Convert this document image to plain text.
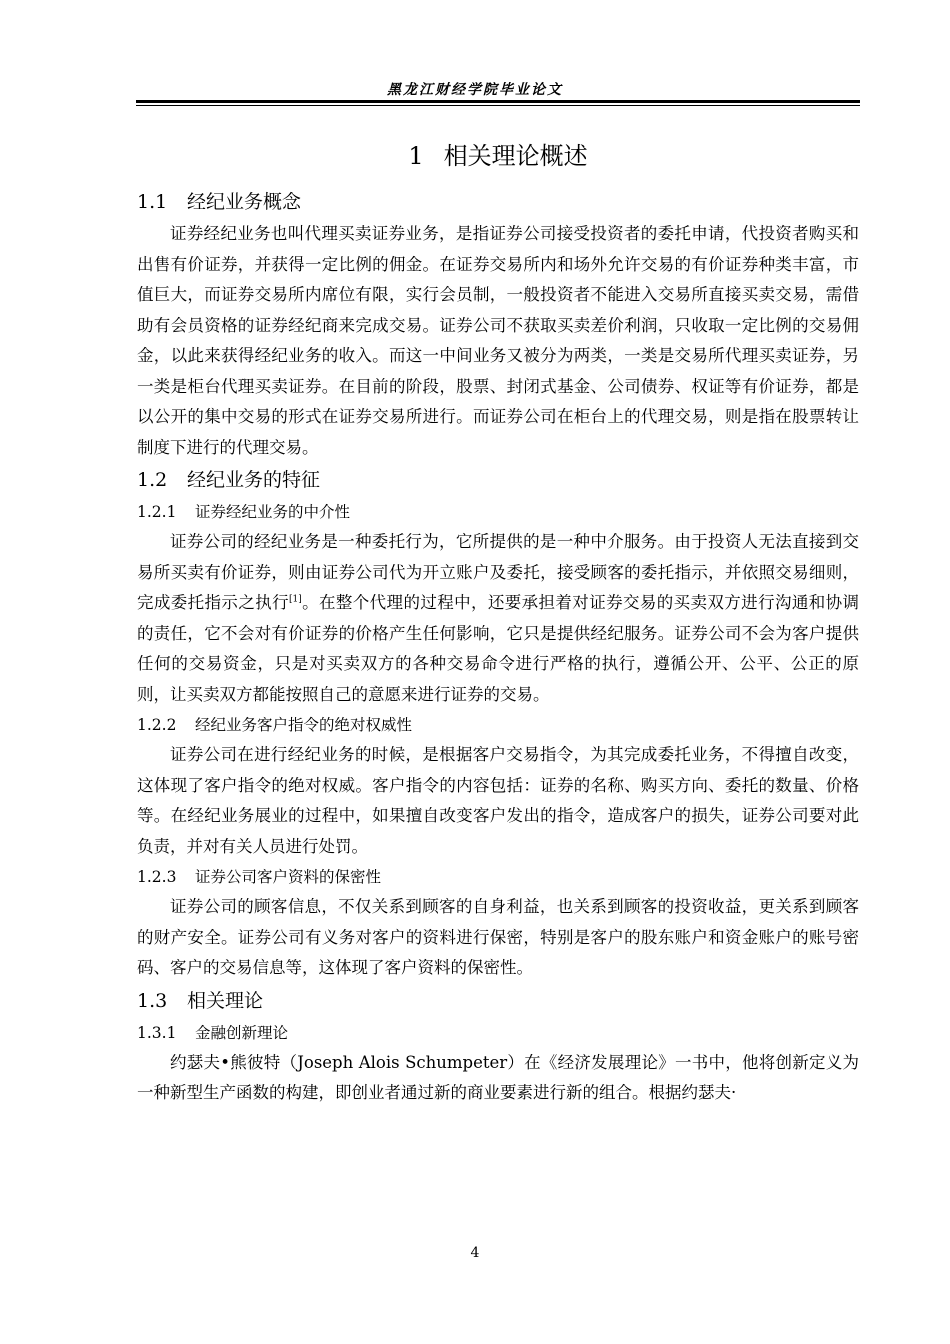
黑龙江财经学院毕业论文
1 相关理论概述
1.1 经纪业务概念

证券经纪业务也叫代理买卖证券业务，是指证券公司接受投资者的委托申请，代投资者购买和出售有价证券，并获得一定比例的佣金。在证券交易所内和场外允许交易的有价证券种类丰富，市值巨大，而证券交易所内席位有限，实行会员制，一般投资者不能进入交易所直接买卖交易，需借助有会员资格的证券经纪商来完成交易。证券公司不获取买卖差价利润，只收取一定比例的交易佣金，以此来获得经纪业务的收入。而这一中间业务又被分为两类，一类是交易所代理买卖证券，另一类是柜台代理买卖证券。在目前的阶段，股票、封闭式基金、公司债券、权证等有价证券，都是以公开的集中交易的形式在证券交易所进行。而证券公司在柜台上的代理交易，则是指在股票转让制度下进行的代理交易。

1.2 经纪业务的特征
1.2.1 证券经纪业务的中介性

证券公司的经纪业务是一种委托行为，它所提供的是一种中介服务。由于投资人无法直接到交易所买卖有价证券，则由证券公司代为开立账户及委托，接受顾客的委托指示，并依照交易细则，完成委托指示之执行[1]。在整个代理的过程中，还要承担着对证券交易的买卖双方进行沟通和协调的责任，它不会对有价证券的价格产生任何影响，它只是提供经纪服务。证券公司不会为客户提供任何的交易资金，只是对买卖双方的各种交易命令进行严格的执行，遵循公开、公平、公正的原则，让买卖双方都能按照自己的意愿来进行证券的交易。

1.2.2 经纪业务客户指令的绝对权威性

证券公司在进行经纪业务的时候，是根据客户交易指令，为其完成委托业务，不得擅自改变，这体现了客户指令的绝对权威。客户指令的内容包括：证券的名称、购买方向、委托的数量、价格等。在经纪业务展业的过程中，如果擅自改变客户发出的指令，造成客户的损失，证券公司要对此负责，并对有关人员进行处罚。

1.2.3 证券公司客户资料的保密性

证券公司的顾客信息，不仅关系到顾客的自身利益，也关系到顾客的投资收益，更关系到顾客的财产安全。证券公司有义务对客户的资料进行保密，特别是客户的股东账户和资金账户的账号密码、客户的交易信息等，这体现了客户资料的保密性。

1.3 相关理论
1.3.1 金融创新理论

约瑟夫•熊彼特（Joseph Alois Schumpeter）在《经济发展理论》一书中，他将创新定义为一种新型生产函数的构建，即创业者通过新的商业要素进行新的组合。根据约瑟夫·

4
